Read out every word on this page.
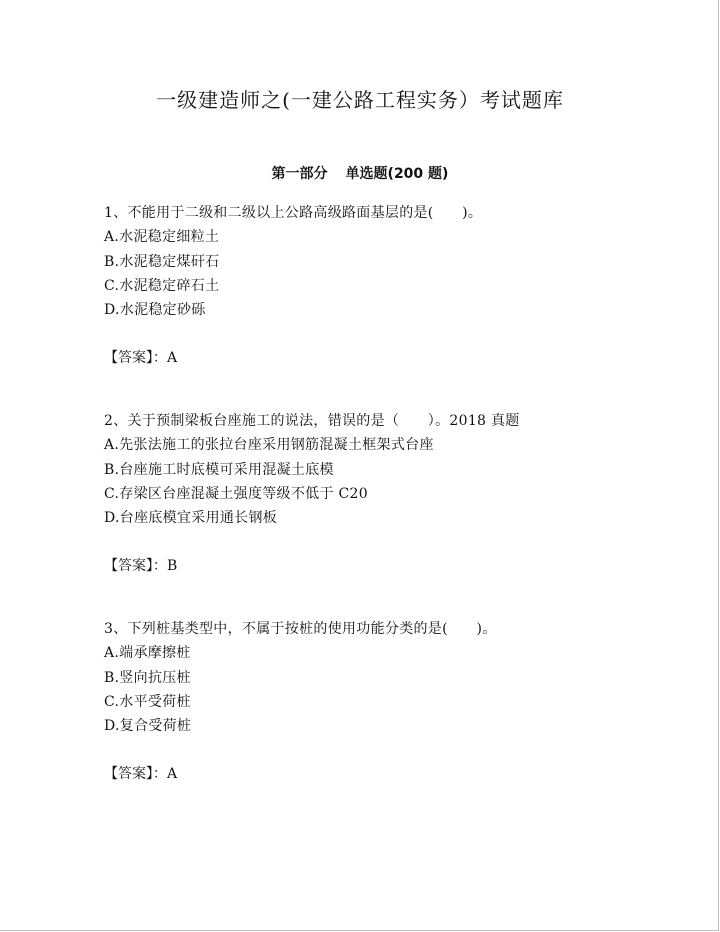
一级建造师之(一建公路工程实务）考试题库
第一部分 单选题(200 题)
1、不能用于二级和二级以上公路高级路面基层的是(　　)。
A.水泥稳定细粒土
B.水泥稳定煤矸石
C.水泥稳定碎石土
D.水泥稳定砂砾
【答案】：A
2、关于预制梁板台座施工的说法，错误的是（　　）。2018 真题
A.先张法施工的张拉台座采用钢筋混凝土框架式台座
B.台座施工时底模可采用混凝土底模
C.存梁区台座混凝土强度等级不低于 C20
D.台座底模宜采用通长钢板
【答案】：B
3、下列桩基类型中，不属于按桩的使用功能分类的是(　　)。
A.端承摩擦桩
B.竖向抗压桩
C.水平受荷桩
D.复合受荷桩
【答案】：A
